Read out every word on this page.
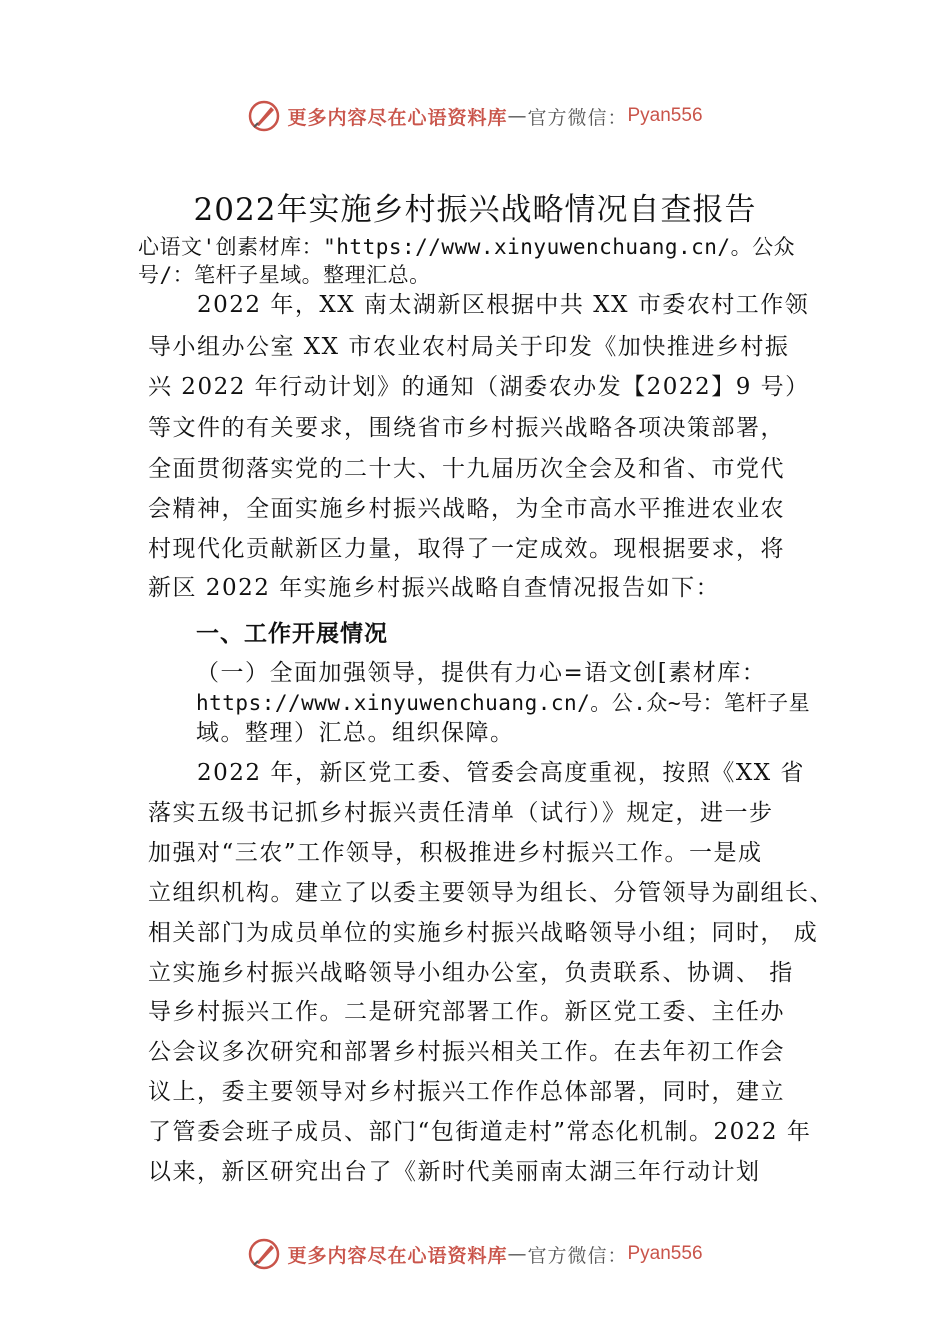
更多内容尽在心语资料库 — 官方微信： Pyan556
2022年实施乡村振兴战略情况自查报告
心语文'创素材库："https://www.xinyuwenchuang.cn/。公众
号/：笔杆子星域。整理汇总。
　　2022 年，XX 南太湖新区根据中共 XX 市委农村工作领
导小组办公室 XX 市农业农村局关于印发《加快推进乡村振
兴 2022 年行动计划》的通知（湖委农办发【2022】9 号）
等文件的有关要求，围绕省市乡村振兴战略各项决策部署，
全面贯彻落实党的二十大、十九届历次全会及和省、市党代
会精神，全面实施乡村振兴战略，为全市高水平推进农业农
村现代化贡献新区力量，取得了一定成效。现根据要求，将
新区 2022 年实施乡村振兴战略自查情况报告如下：
一、工作开展情况
（一）全面加强领导，提供有力心=语文创[素材库：
https://www.xinyuwenchuang.cn/。公.众~号：笔杆子星
域。整理）汇总。组织保障。
　　2022 年，新区党工委、管委会高度重视，按照《XX 省
落实五级书记抓乡村振兴责任清单（试行）》规定，进一步
加强对“三农”工作领导，积极推进乡村振兴工作。一是成
立组织机构。建立了以委主要领导为组长、分管领导为副组长、
相关部门为成员单位的实施乡村振兴战略领导小组；同时， 成
立实施乡村振兴战略领导小组办公室，负责联系、协调、 指
导乡村振兴工作。二是研究部署工作。新区党工委、主任办
公会议多次研究和部署乡村振兴相关工作。在去年初工作会
议上，委主要领导对乡村振兴工作作总体部署，同时，建立
了管委会班子成员、部门“包街道走村”常态化机制。2022 年
以来，新区研究出台了《新时代美丽南太湖三年行动计划
更多内容尽在心语资料库 — 官方微信： Pyan556
